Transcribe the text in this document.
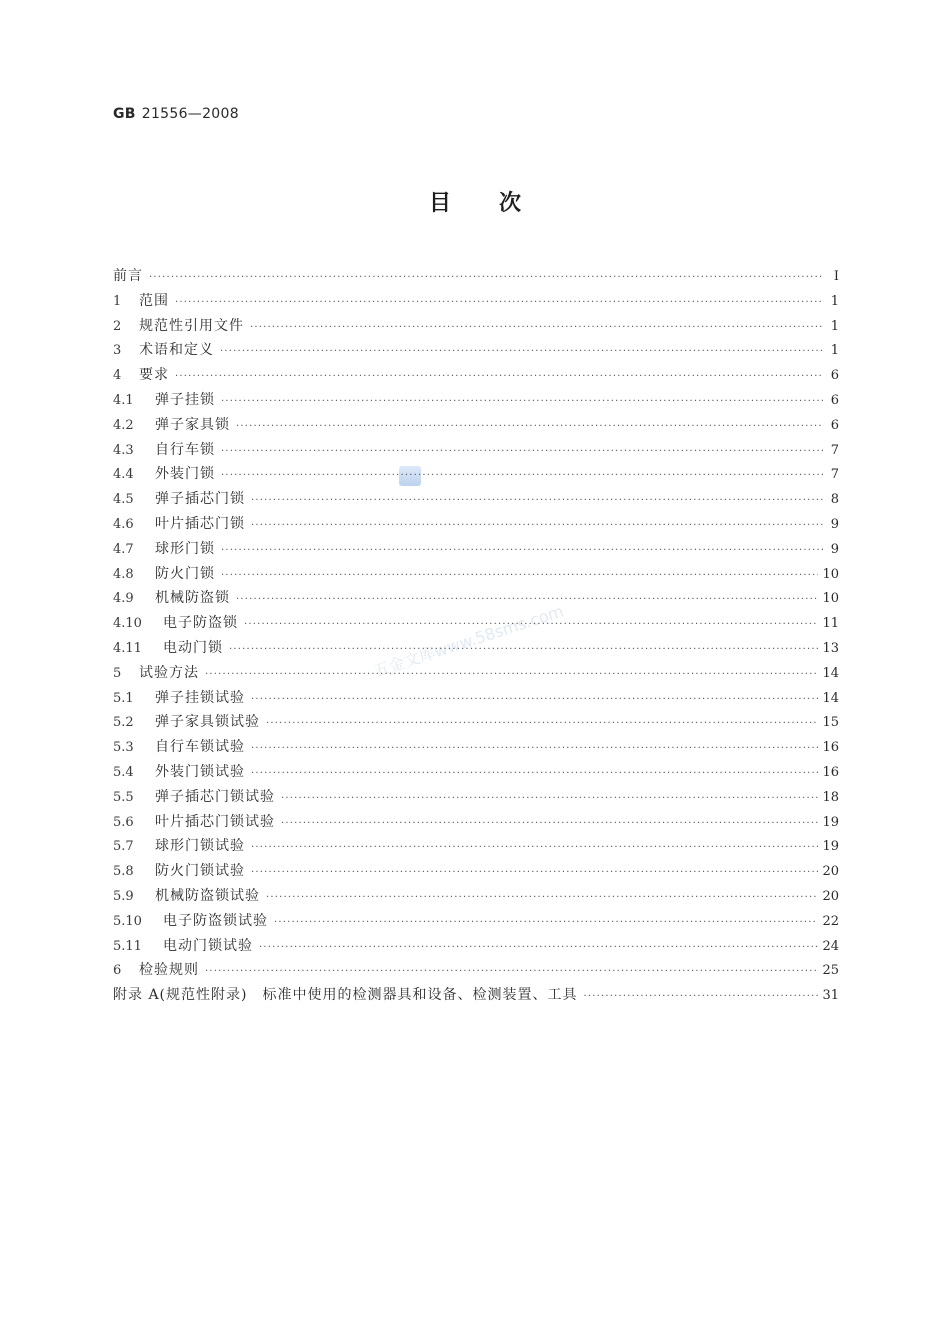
GB 21556—2008
目 次
五金文库www.58sms.com
前言 ·····	I
1	范围 ·····	1
2	规范性引用文件 ·····	1
3	术语和定义 ·····	1
4	要求 ·····	6
4.1	弹子挂锁 ·····	6
4.2	弹子家具锁 ·····	6
4.3	自行车锁 ·····	7
4.4	外装门锁 ·····	7
4.5	弹子插芯门锁 ·····	8
4.6	叶片插芯门锁 ·····	9
4.7	球形门锁 ·····	9
4.8	防火门锁 ·····	10
4.9	机械防盗锁 ·····	10
4.10	电子防盗锁 ·····	11
4.11	电动门锁 ·····	13
5	试验方法 ·····	14
5.1	弹子挂锁试验 ·····	14
5.2	弹子家具锁试验 ·····	15
5.3	自行车锁试验 ·····	16
5.4	外装门锁试验 ·····	16
5.5	弹子插芯门锁试验 ·····	18
5.6	叶片插芯门锁试验 ·····	19
5.7	球形门锁试验 ·····	19
5.8	防火门锁试验 ·····	20
5.9	机械防盗锁试验 ·····	20
5.10	电子防盗锁试验 ·····	22
5.11	电动门锁试验 ·····	24
6	检验规则 ·····	25
附录 A(规范性附录)　标准中使用的检测器具和设备、检测装置、工具 ·····	31
